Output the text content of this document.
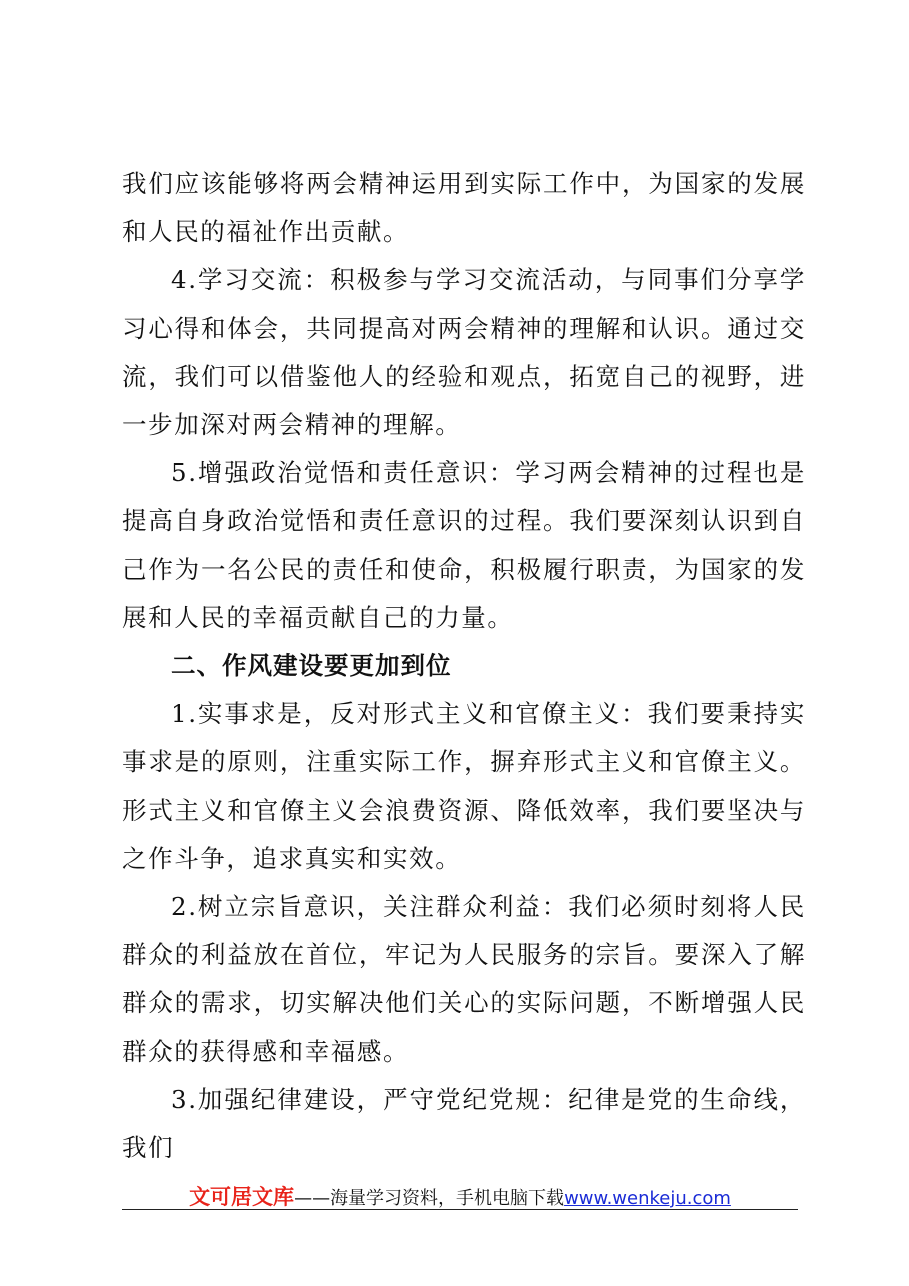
我们应该能够将两会精神运用到实际工作中，为国家的发展和人民的福祉作出贡献。

4.学习交流：积极参与学习交流活动，与同事们分享学习心得和体会，共同提高对两会精神的理解和认识。通过交流，我们可以借鉴他人的经验和观点，拓宽自己的视野，进一步加深对两会精神的理解。

5.增强政治觉悟和责任意识：学习两会精神的过程也是提高自身政治觉悟和责任意识的过程。我们要深刻认识到自己作为一名公民的责任和使命，积极履行职责，为国家的发展和人民的幸福贡献自己的力量。

二、作风建设要更加到位

1.实事求是，反对形式主义和官僚主义：我们要秉持实事求是的原则，注重实际工作，摒弃形式主义和官僚主义。形式主义和官僚主义会浪费资源、降低效率，我们要坚决与之作斗争，追求真实和实效。

2.树立宗旨意识，关注群众利益：我们必须时刻将人民群众的利益放在首位，牢记为人民服务的宗旨。要深入了解群众的需求，切实解决他们关心的实际问题，不断增强人民群众的获得感和幸福感。

3.加强纪律建设，严守党纪党规：纪律是党的生命线，我们

文可居文库——海量学习资料，手机电脑下载www.wenkeju.com
